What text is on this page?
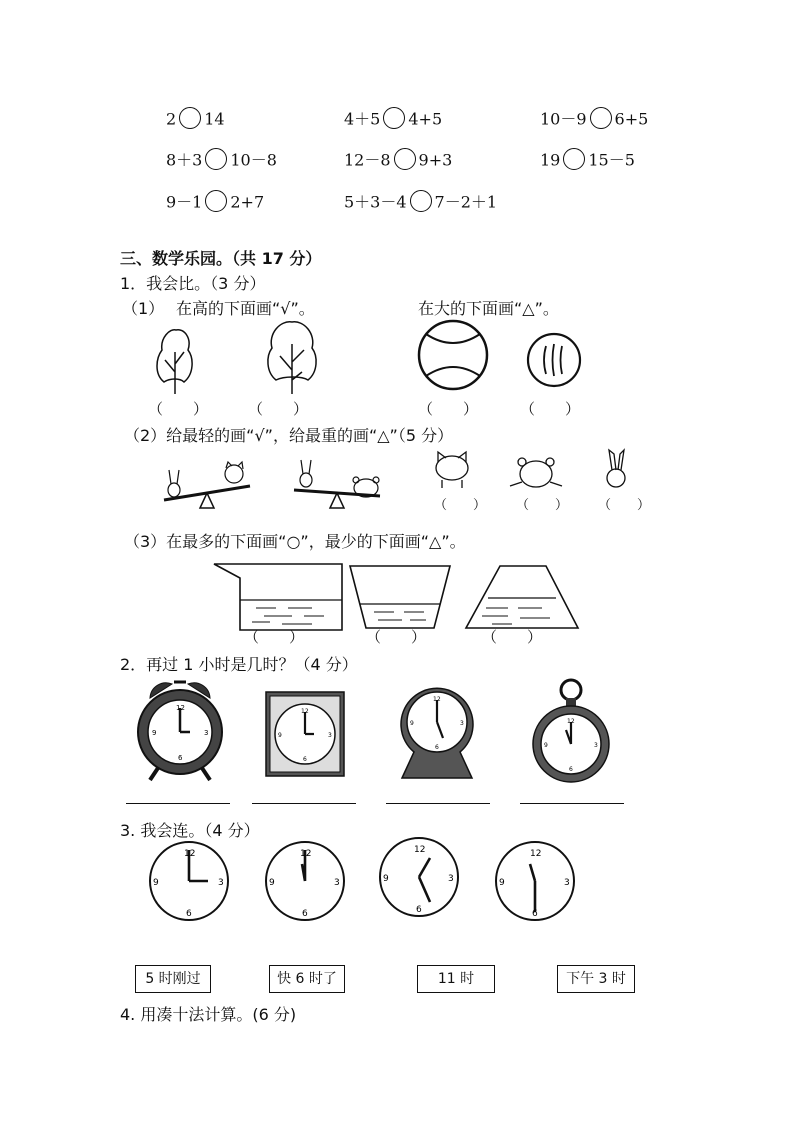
2 14	4＋5 4+5	10－9 6+5
8＋3 10－8	12－8 9+3	19 15－5
9－1 2+7	5＋3－4 7－2＋1
三、数学乐园。（共 17 分）
1．我会比。（3 分）
（1） 在高的下面画“√”。	在大的下面画“△”。
（　　）	（　　）	（　　）	（　　）
（2）给最轻的画“√”，给最重的画“△”（5 分）
（　　） （　　） （　　）
（3）在最多的下面画“○”，最少的下面画“△”。
（　　）	（　　）	（　　）
2．再过 1 小时是几时？（4 分）
12
3
6
9
12
3
6
9
12
3
6
9	12
3
6
9
3. 我会连。（4 分）
12
3
6
9
12
3
6
9
12
3
6
9
12
3
6
9
5 时刚过	快 6 时了	11 时	下午 3 时
4. 用凑十法计算。(6 分)
